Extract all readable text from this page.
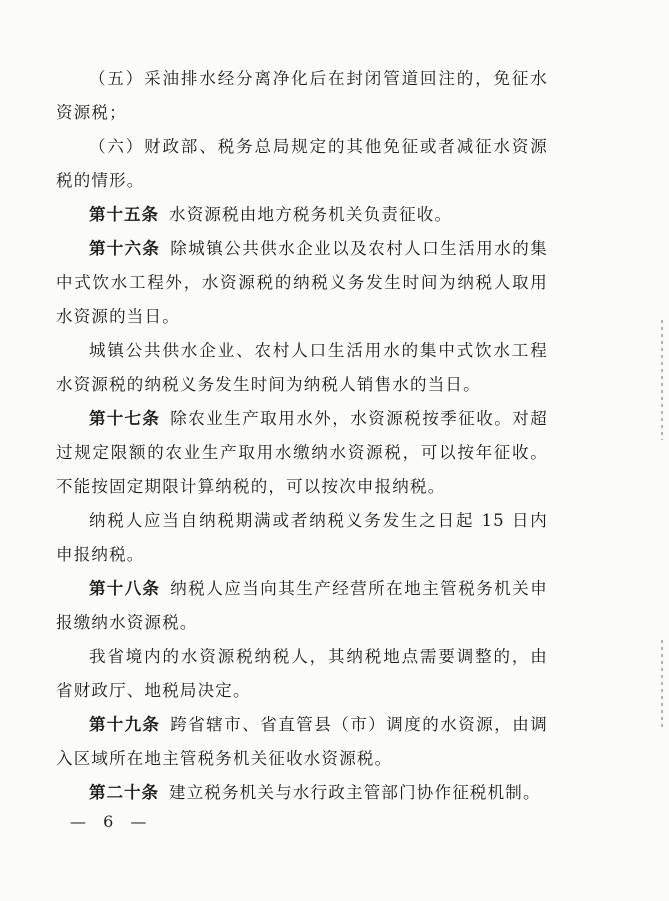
（五）采油排水经分离净化后在封闭管道回注的，免征水资源税；

（六）财政部、税务总局规定的其他免征或者减征水资源税的情形。

第十五条 水资源税由地方税务机关负责征收。

第十六条 除城镇公共供水企业以及农村人口生活用水的集中式饮水工程外，水资源税的纳税义务发生时间为纳税人取用水资源的当日。

城镇公共供水企业、农村人口生活用水的集中式饮水工程水资源税的纳税义务发生时间为纳税人销售水的当日。

第十七条 除农业生产取用水外，水资源税按季征收。对超过规定限额的农业生产取用水缴纳水资源税，可以按年征收。不能按固定期限计算纳税的，可以按次申报纳税。

纳税人应当自纳税期满或者纳税义务发生之日起 15 日内申报纳税。

第十八条 纳税人应当向其生产经营所在地主管税务机关申报缴纳水资源税。

我省境内的水资源税纳税人，其纳税地点需要调整的，由省财政厅、地税局决定。

第十九条 跨省辖市、省直管县（市）调度的水资源，由调入区域所在地主管税务机关征收水资源税。

第二十条 建立税务机关与水行政主管部门协作征税机制。

— 6 —
